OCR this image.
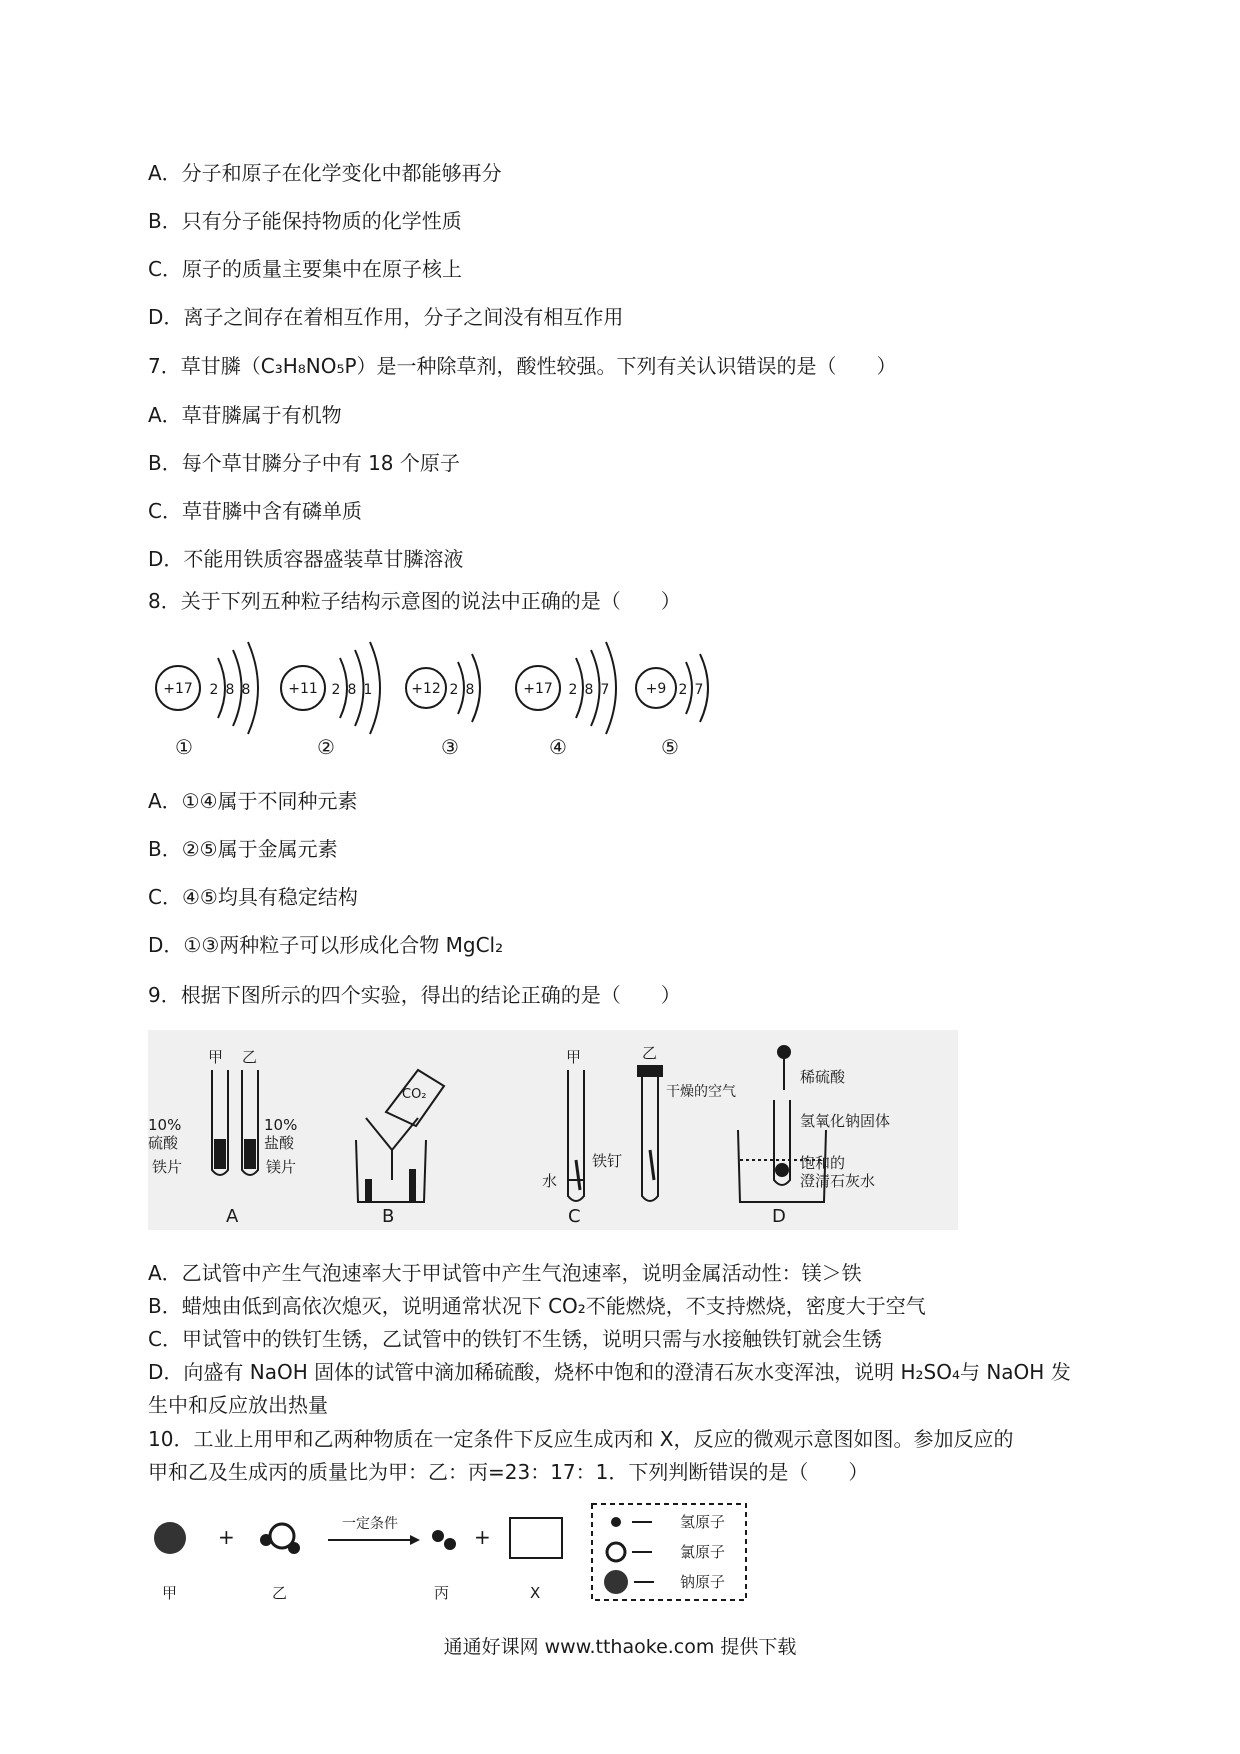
A．分子和原子在化学变化中都能够再分
B．只有分子能保持物质的化学性质
C．原子的质量主要集中在原子核上
D．离子之间存在着相互作用，分子之间没有相互作用
7．草甘膦（C₃H₈NO₅P）是一种除草剂，酸性较强。下列有关认识错误的是（　　）
A．草苷膦属于有机物
B．每个草甘膦分子中有 18 个原子
C．草苷膦中含有磷单质
D．不能用铁质容器盛装草甘膦溶液
8．关于下列五种粒子结构示意图的说法中正确的是（　　）
+17 2 8 8
①
+11 2 8 1
②
+12 2 8
③
+17 2 8 7
④
+9 2 7
⑤
A．①④属于不同种元素
B．②⑤属于金属元素
C．④⑤均具有稳定结构
D．①③两种粒子可以形成化合物 MgCl₂
9．根据下图所示的四个实验，得出的结论正确的是（　　）
甲 乙
10%硫酸
铁片
10%盐酸
镁片
A
CO₂
B
甲	乙
铁钉
水
干燥的空气
C
稀硫酸
氢氧化钠固体
饱和的澄清石灰水
D
A．乙试管中产生气泡速率大于甲试管中产生气泡速率，说明金属活动性：镁＞铁
B．蜡烛由低到高依次熄灭，说明通常状况下 CO₂不能燃烧，不支持燃烧，密度大于空气
C．甲试管中的铁钉生锈，乙试管中的铁钉不生锈，说明只需与水接触铁钉就会生锈
D．向盛有 NaOH 固体的试管中滴加稀硫酸，烧杯中饱和的澄清石灰水变浑浊，说明 H₂SO₄与 NaOH 发
生中和反应放出热量
10．工业上用甲和乙两种物质在一定条件下反应生成丙和 X，反应的微观示意图如图。参加反应的
甲和乙及生成丙的质量比为甲：乙：丙=23：17：1．下列判断错误的是（　　）
+
一定条件
+
氢原子
氯原子
钠原子
甲	乙	丙	X
通通好课网 www.tthaoke.com 提供下载
